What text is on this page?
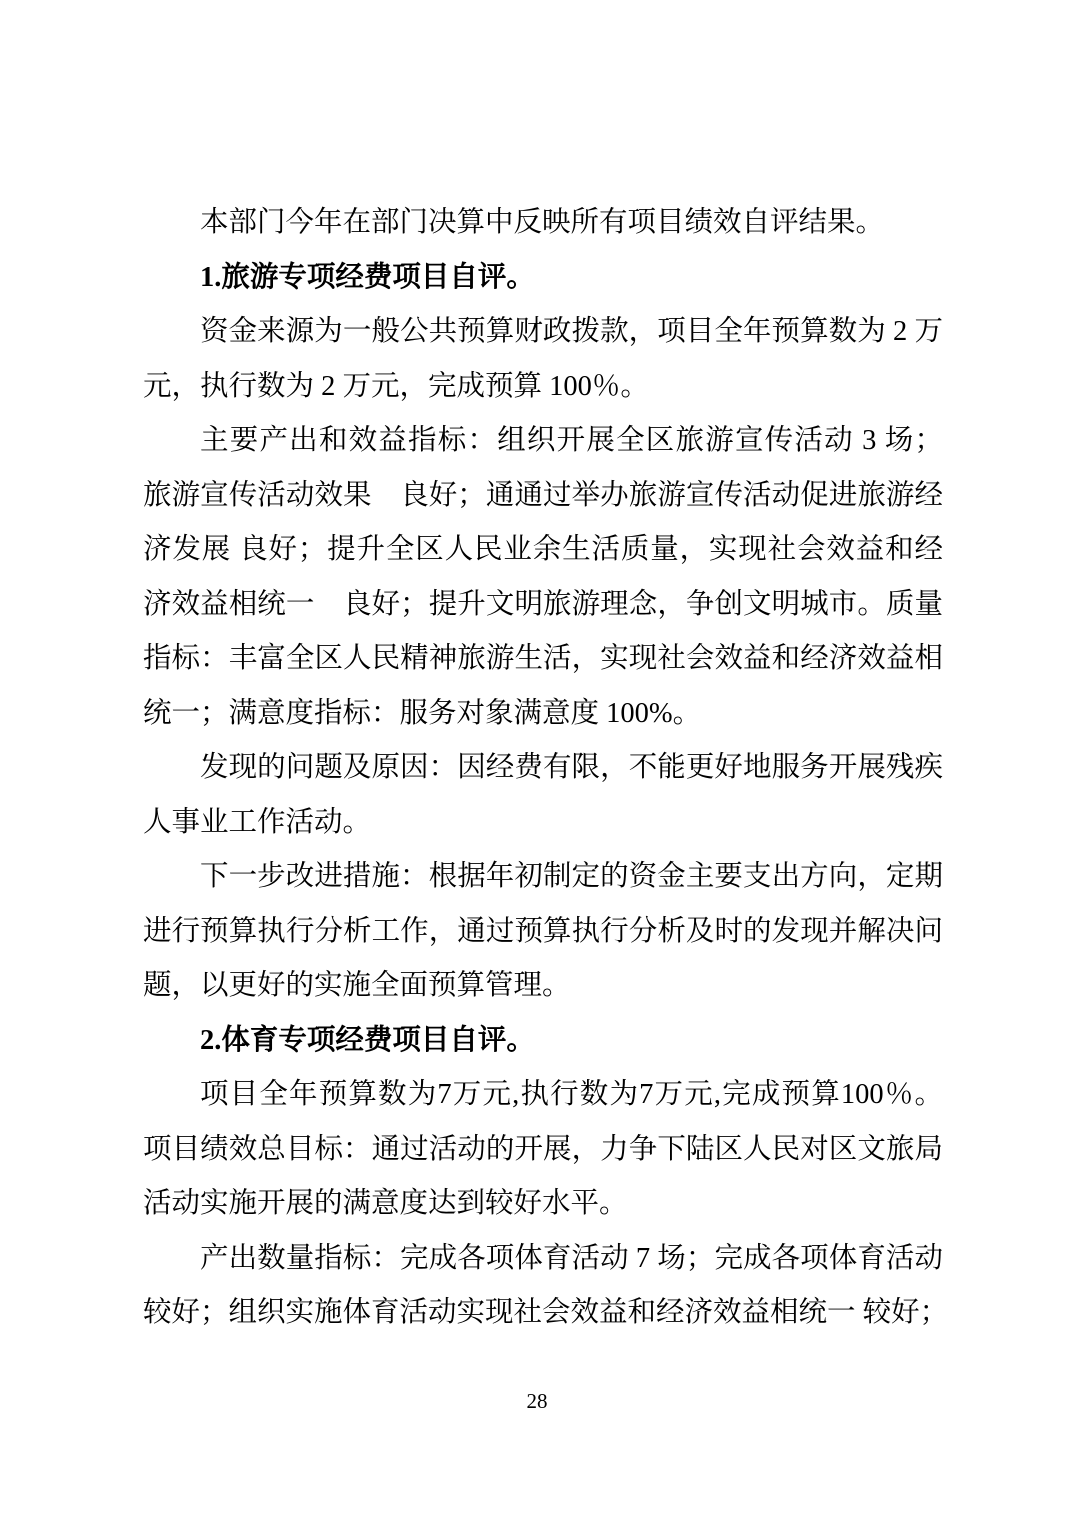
本部门今年在部门决算中反映所有项目绩效自评结果。
1.旅游专项经费项目自评。
资金来源为一般公共预算财政拨款，项目全年预算数为 2 万
元，执行数为 2 万元，完成预算 100％。
主要产出和效益指标：组织开展全区旅游宣传活动 3 场；
旅游宣传活动效果　良好；通通过举办旅游宣传活动促进旅游经
济发展 良好；提升全区人民业余生活质量，实现社会效益和经
济效益相统一　良好；提升文明旅游理念，争创文明城市。质量
指标：丰富全区人民精神旅游生活，实现社会效益和经济效益相
统一；满意度指标：服务对象满意度 100%。
发现的问题及原因：因经费有限，不能更好地服务开展残疾
人事业工作活动。
下一步改进措施：根据年初制定的资金主要支出方向，定期
进行预算执行分析工作，通过预算执行分析及时的发现并解决问
题，以更好的实施全面预算管理。
2.体育专项经费项目自评。
项目全年预算数为7万元,执行数为7万元,完成预算100％。
项目绩效总目标：通过活动的开展，力争下陆区人民对区文旅局
活动实施开展的满意度达到较好水平。
产出数量指标：完成各项体育活动 7 场；完成各项体育活动
较好；组织实施体育活动实现社会效益和经济效益相统一 较好；
28
